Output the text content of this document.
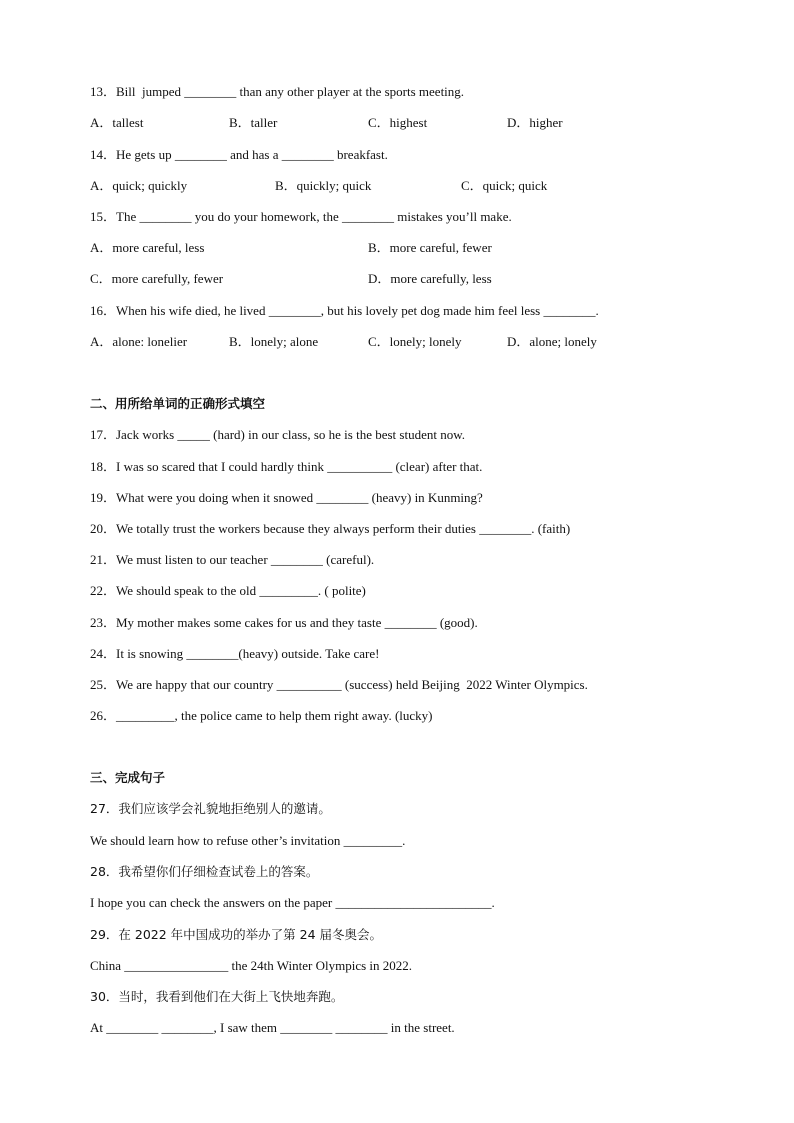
13．Bill  jumped ________ than any other player at the sports meeting.
A．tallest	B．taller	C．highest	D．higher
14．He gets up ________ and has a ________ breakfast.
A．quick; quickly	B．quickly; quick	C．quick; quick
15．The ________ you do your homework, the ________ mistakes you’ll make.
A．more careful, less	B．more careful, fewer
C．more carefully, fewer	D．more carefully, less
16．When his wife died, he lived ________, but his lovely pet dog made him feel less ________.
A．alone: lonelier	B．lonely; alone	C．lonely; lonely	D．alone; lonely
二、用所给单词的正确形式填空
17．Jack works _____ (hard) in our class, so he is the best student now.
18．I was so scared that I could hardly think __________ (clear) after that.
19．What were you doing when it snowed ________ (heavy) in Kunming?
20．We totally trust the workers because they always perform their duties ________. (faith)
21．We must listen to our teacher ________ (careful).
22．We should speak to the old _________. ( polite)
23．My mother makes some cakes for us and they taste ________ (good).
24．It is snowing ________(heavy) outside. Take care!
25．We are happy that our country __________ (success) held Beijing  2022 Winter Olympics.
26．_________, the police came to help them right away. (lucky)
三、完成句子
27．我们应该学会礼貌地拒绝别人的邀请。
We should learn how to refuse other’s invitation _________.
28．我希望你们仔细检查试卷上的答案。
I hope you can check the answers on the paper ________________________.
29．在 2022 年中国成功的举办了第 24 届冬奥会。
China ________________ the 24th Winter Olympics in 2022.
30．当时，我看到他们在大街上飞快地奔跑。
At ________ ________, I saw them ________ ________ in the street.
